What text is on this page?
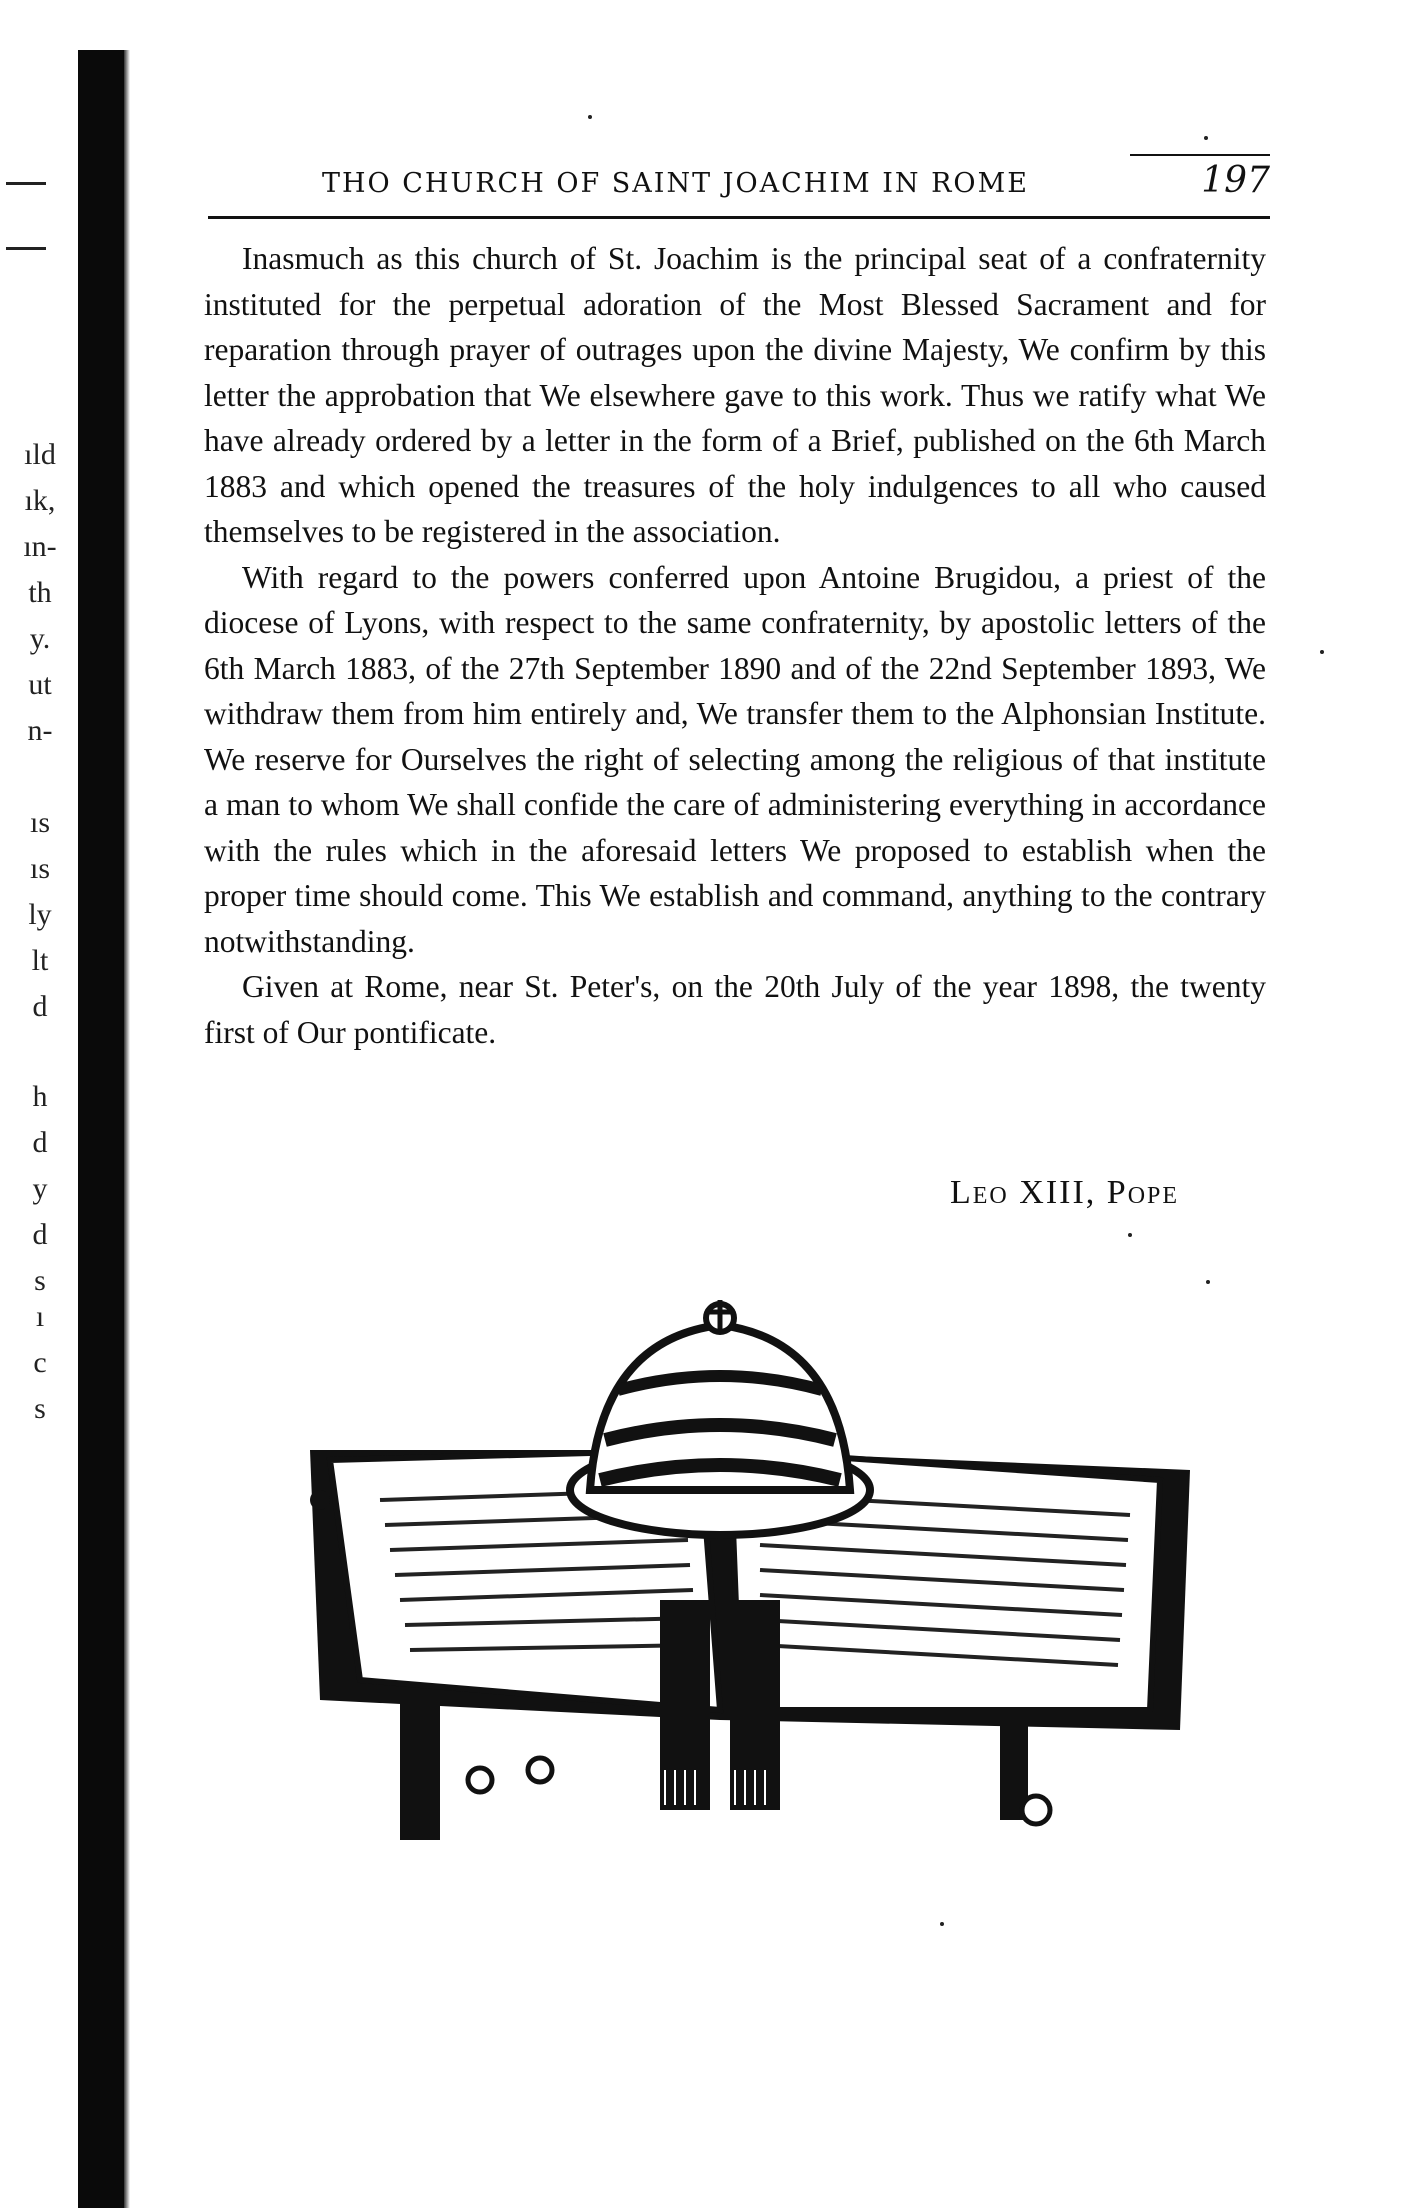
ıld
ık,
ın-
th
y.
ut
n-
ıs
ıs
ly
lt
d
h
d
y
d
s
ı
c
s
THO CHURCH OF SAINT JOACHIM IN ROME	197

Inasmuch as this church of St. Joachim is the principal seat of a confraternity instituted for the perpetual adoration of the Most Blessed Sacrament and for reparation through prayer of outrages upon the divine Majesty, We confirm by this letter the approbation that We elsewhere gave to this work. Thus we ratify what We have already ordered by a letter in the form of a Brief, published on the 6th March 1883 and which opened the treasures of the holy indulgences to all who caused themselves to be registered in the association.

With regard to the powers conferred upon Antoine Brugidou, a priest of the diocese of Lyons, with respect to the same confraternity, by apostolic letters of the 6th March 1883, of the 27th September 1890 and of the 22nd September 1893, We withdraw them from him entirely and, We transfer them to the Alphonsian Institute. We reserve for Ourselves the right of selecting among the religious of that institute a man to whom We shall confide the care of administering everything in accordance with the rules which in the aforesaid letters We proposed to establish when the proper time should come. This We establish and command, anything to the contrary notwithstanding.

Given at Rome, near St. Peter's, on the 20th July of the year 1898, the twenty first of Our pontificate.

Leo XIII, Pope
